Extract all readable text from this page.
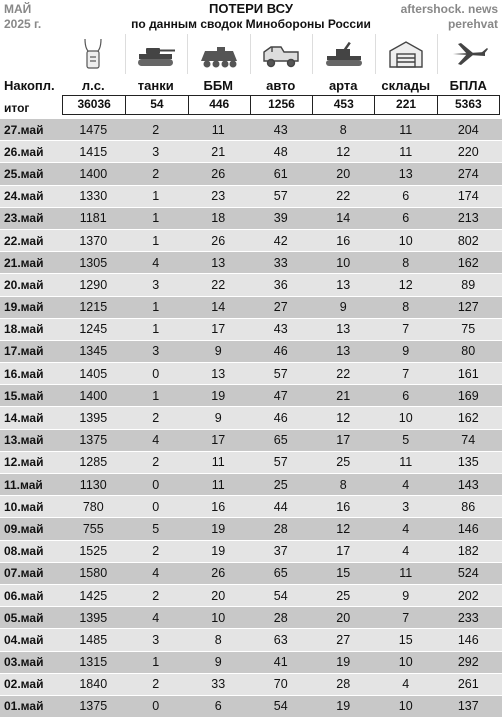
МАЙ
2025 г.
ПОТЕРИ ВСУ
по данным сводок Минобороны России
aftershock. news
perehvat
Накопл.	л.с.	танки	ББМ	авто	арта	склады	БПЛА
итог	36036	54	446	1256	453	221	5363
27.май	1475	2	11	43	8	11	204
26.май	1415	3	21	48	12	11	220
25.май	1400	2	26	61	20	13	274
24.май	1330	1	23	57	22	6	174
23.май	1181	1	18	39	14	6	213
22.май	1370	1	26	42	16	10	802
21.май	1305	4	13	33	10	8	162
20.май	1290	3	22	36	13	12	89
19.май	1215	1	14	27	9	8	127
18.май	1245	1	17	43	13	7	75
17.май	1345	3	9	46	13	9	80
16.май	1405	0	13	57	22	7	161
15.май	1400	1	19	47	21	6	169
14.май	1395	2	9	46	12	10	162
13.май	1375	4	17	65	17	5	74
12.май	1285	2	11	57	25	11	135
11.май	1130	0	11	25	8	4	143
10.май	780	0	16	44	16	3	86
09.май	755	5	19	28	12	4	146
08.май	1525	2	19	37	17	4	182
07.май	1580	4	26	65	15	11	524
06.май	1425	2	20	54	25	9	202
05.май	1395	4	10	28	20	7	233
04.май	1485	3	8	63	27	15	146
03.май	1315	1	9	41	19	10	292
02.май	1840	2	33	70	28	4	261
01.май	1375	0	6	54	19	10	137
